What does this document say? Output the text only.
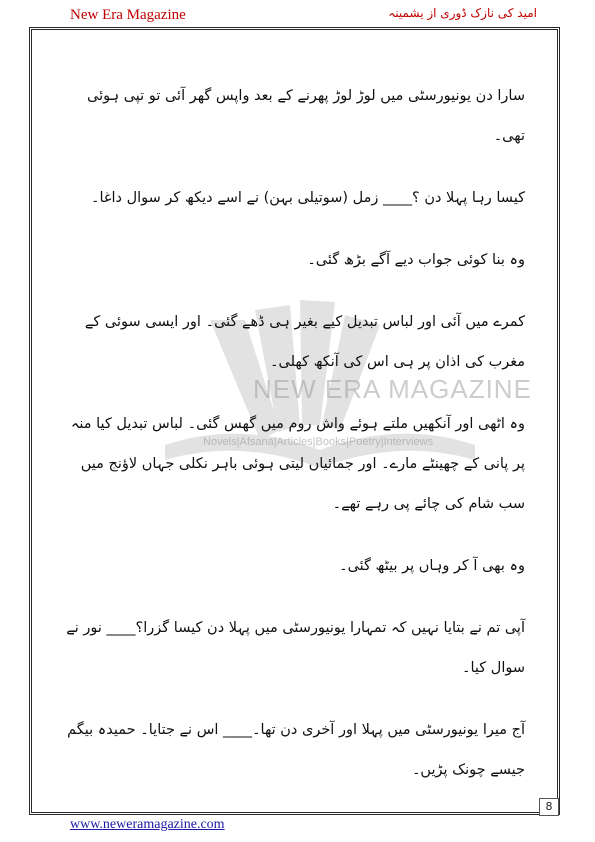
New Era Magazine	امید کی نازک ڈوری از یشمینہ
NEW ERA MAGAZINE
Novels|Afsana|Articles|Books|Poetry|Interviews

سارا دن یونیورسٹی میں لوڑ لوڑ پھرنے کے بعد واپس گھر آئی تو تپی ہوئی تھی۔

کیسا رہا پہلا دن ؟____ زمل (سوتیلی بہن) نے اسے دیکھ کر سوال داغا۔

وہ بنا کوئی جواب دیے آگے بڑھ گئی۔

کمرے میں آئی اور لباس تبدیل کیے بغیر ہی ڈھے گئی۔ اور ایسی سوئی کے مغرب کی اذان پر ہی اس کی آنکھ کھلی۔

وہ اٹھی اور آنکھیں ملتے ہوئے واش روم میں گھس گئی۔ لباس تبدیل کیا منہ پر پانی کے چھینٹے مارے۔ اور جمائیاں لیتی ہوئی باہر نکلی جہاں لاؤنج میں سب شام کی چائے پی رہے تھے۔

وہ بھی آ کر وہاں پر بیٹھ گئی۔

آپی تم نے بتایا نہیں کہ تمہارا یونیورسٹی میں پہلا دن کیسا گزرا؟____ نور نے سوال کیا۔

آج میرا یونیورسٹی میں پہلا اور آخری دن تھا۔____ اس نے جتایا۔ حمیدہ بیگم جیسے چونک پڑیں۔

8
www.neweramagazine.com
